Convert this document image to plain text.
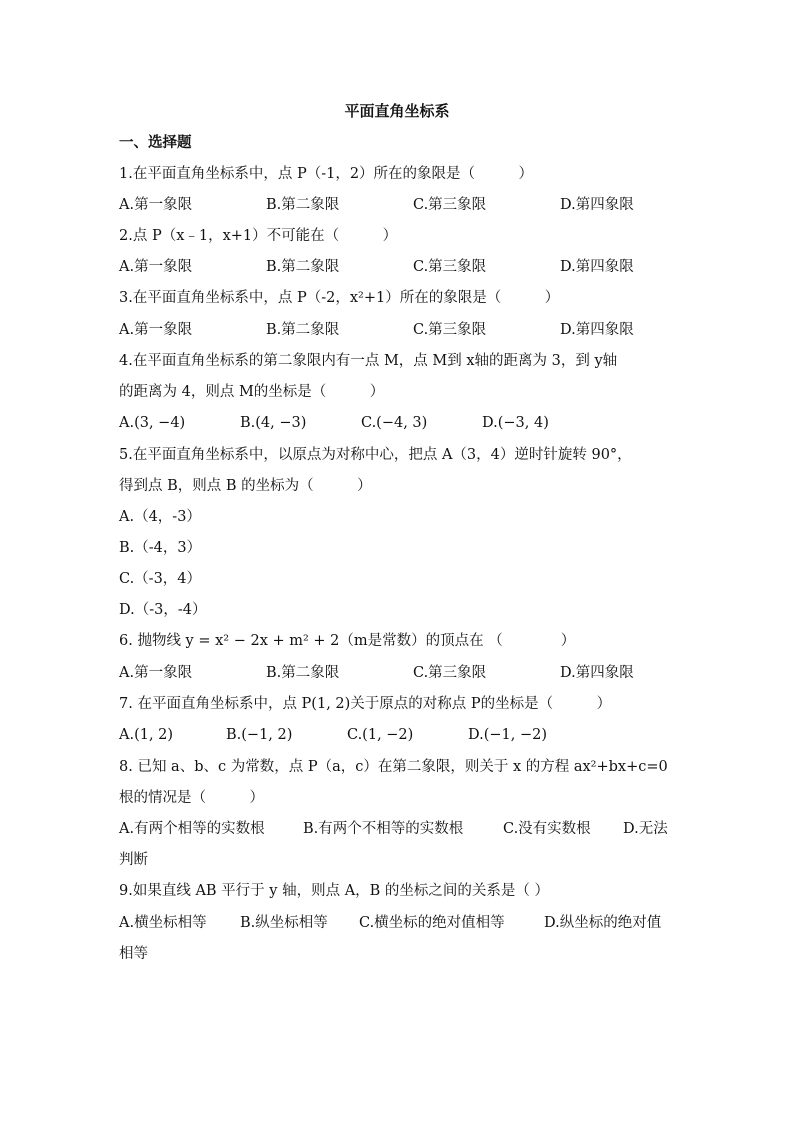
平面直角坐标系
一、选择题
1.在平面直角坐标系中，点 P（-1，2）所在的象限是（　　　）
A.第一象限	B.第二象限	C.第三象限	D.第四象限
2.点 P（x﹣1，x+1）不可能在（　　　）
A.第一象限	B.第二象限	C.第三象限	D.第四象限
3.在平面直角坐标系中，点 P（-2，x²+1）所在的象限是（　　　）
A.第一象限	B.第二象限	C.第三象限	D.第四象限
4.在平面直角坐标系的第二象限内有一点 M，点 M到 x轴的距离为 3，到 y轴
的距离为 4，则点 M的坐标是（　　　）
A.(3, −4)	B.(4, −3)	C.(−4, 3)	D.(−3, 4)
5.在平面直角坐标系中，以原点为对称中心，把点 A（3，4）逆时针旋转 90°，
得到点 B，则点 B 的坐标为（　　　）
A.（4，-3）
B.（-4，3）
C.（-3，4）
D.（-3，-4）
6. 抛物线 y = x² − 2x + m² + 2（m是常数）的顶点在 （　　　　）
A.第一象限	B.第二象限	C.第三象限	D.第四象限
7. 在平面直角坐标系中，点 P(1, 2)关于原点的对称点 P的坐标是（　　　）
A.(1, 2)	B.(−1, 2)	C.(1, −2)	D.(−1, −2)
8. 已知 a、b、c 为常数，点 P（a，c）在第二象限，则关于 x 的方程 ax²+bx+c=0
根的情况是（　　　）
A.有两个相等的实数根	B.有两个不相等的实数根	C.没有实数根 D.无法
判断
9.如果直线 AB 平行于 y 轴，则点 A，B 的坐标之间的关系是（ ）
A.横坐标相等 B.纵坐标相等 C.横坐标的绝对值相等	D.纵坐标的绝对值
相等
